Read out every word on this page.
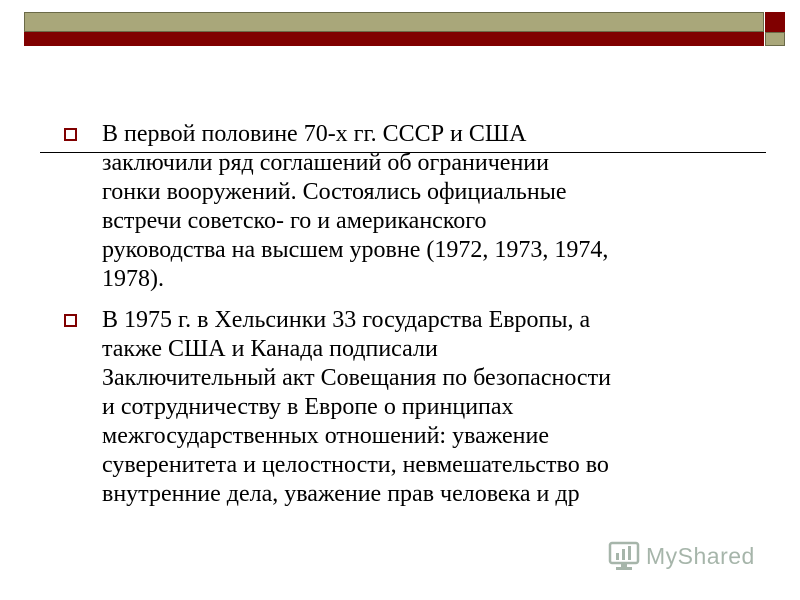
В первой половине 70-х гг. СССР и США
заключили ряд соглашений об ограничении
гонки вооружений. Состоялись официальные
встречи советско- го и американского
руководства на высшем уровне (1972, 1973, 1974,
1978).
В 1975 г. в Хельсинки 33 государства Европы, а
также США и Канада подписали
Заключительный акт Совещания по безопасности
и сотрудничеству в Европе о принципах
межгосударственных отношений: уважение
суверенитета и целостности, невмешательство во
внутренние дела, уважение прав человека и др
MyShared
